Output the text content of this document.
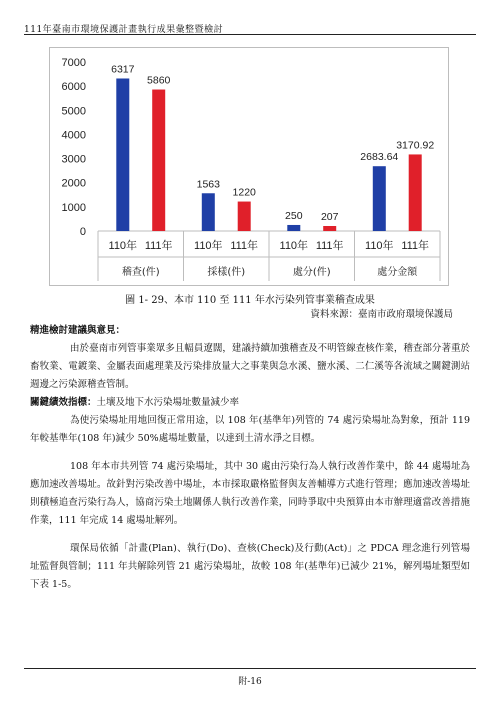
111年臺南市環境保護計畫執行成果彙整暨檢討
0
1000
2000
3000
4000
5000
6000
7000
6317
110年
5860
111年
稽查(件)
1563
110年
1220
111年
採樣(件)
250
110年
207
111年
處分(件)
2683.64
110年
3170.92
111年
處分金額
圖 1- 29、本市 110 至 111 年水污染列管事業稽查成果
資料來源：臺南市政府環境保護局
精進檢討建議與意見：
由於臺南市列管事業眾多且幅員遼闊，建議持續加強稽查及不明管線查核作業，稽查部分著重於畜牧業、電鍍業、金屬表面處理業及污染排放量大之事業與急水溪、鹽水溪、二仁溪等各流域之關鍵測站週邊之污染源稽查管制。
關鍵績效指標：土壤及地下水污染場址數量減少率
為使污染場址用地回復正常用途，以 108 年(基準年)列管的 74 處污染場址為對象，預計 119 年較基準年(108 年)減少 50%處場址數量，以達到土清水淨之目標。
108 年本市共列管 74 處污染場址，其中 30 處由污染行為人執行改善作業中，餘 44 處場址為應加速改善場址。故針對污染改善中場址，本市採取嚴格監督與友善輔導方式進行管理；應加速改善場址則積極追查污染行為人，協商污染土地關係人執行改善作業，同時爭取中央預算由本市辦理適當改善措施作業，111 年完成 14 處場址解列。
環保局依循「計畫(Plan)、執行(Do)、查核(Check)及行動(Act)」之 PDCA 理念進行列管場址監督與管制；111 年共解除列管 21 處污染場址，故較 108 年(基準年)已減少 21%，解列場址類型如下表 1-5。
附-16
